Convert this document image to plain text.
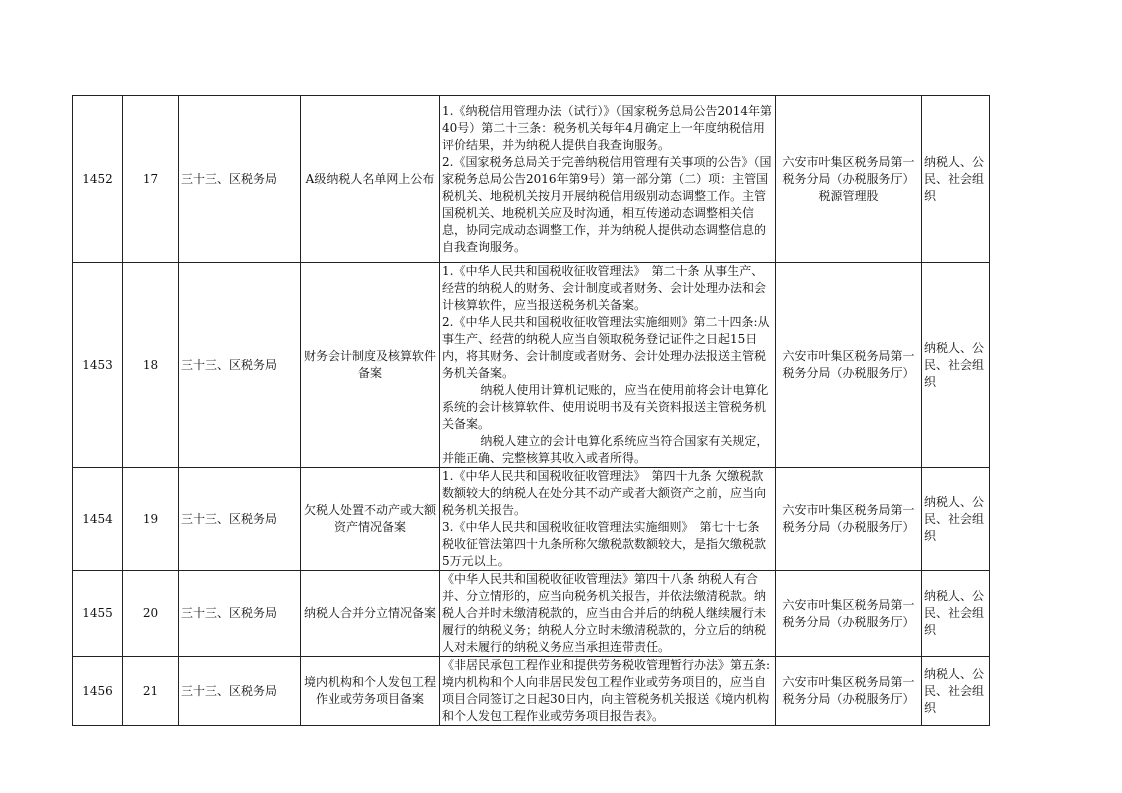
1452	17	三十三、区税务局	A级纳税人名单网上公布	1.《纳税信用管理办法（试行）》（国家税务总局公告2014年第40号）第二十三条：税务机关每年4月确定上一年度纳税信用评价结果，并为纳税人提供自我查询服务。
2.《国家税务总局关于完善纳税信用管理有关事项的公告》（国家税务总局公告2016年第9号）第一部分第（二）项：主管国税机关、地税机关按月开展纳税信用级别动态调整工作。主管国税机关、地税机关应及时沟通，相互传递动态调整相关信息，协同完成动态调整工作，并为纳税人提供动态调整信息的自我查询服务。	六安市叶集区税务局第一税务分局（办税服务厅）税源管理股	纳税人、公民、社会组织
1453	18	三十三、区税务局	财务会计制度及核算软件备案	1.《中华人民共和国税收征收管理法》　第二十条 从事生产、经营的纳税人的财务、会计制度或者财务、会计处理办法和会计核算软件，应当报送税务机关备案。
2.《中华人民共和国税收征收管理法实施细则》第二十四条:从事生产、经营的纳税人应当自领取税务登记证件之日起15日内，将其财务、会计制度或者财务、会计处理办法报送主管税务机关备案。
纳税人使用计算机记账的，应当在使用前将会计电算化系统的会计核算软件、使用说明书及有关资料报送主管税务机关备案。
纳税人建立的会计电算化系统应当符合国家有关规定，并能正确、完整核算其收入或者所得。	六安市叶集区税务局第一税务分局（办税服务厅）	纳税人、公民、社会组织
1454	19	三十三、区税务局	欠税人处置不动产或大额资产情况备案	1.《中华人民共和国税收征收管理法》　第四十九条 欠缴税款数额较大的纳税人在处分其不动产或者大额资产之前，应当向税务机关报告。
3.《中华人民共和国税收征收管理法实施细则》　第七十七条 税收征管法第四十九条所称欠缴税款数额较大，是指欠缴税款5万元以上。	六安市叶集区税务局第一税务分局（办税服务厅）	纳税人、公民、社会组织
1455	20	三十三、区税务局	纳税人合并分立情况备案	《中华人民共和国税收征收管理法》第四十八条 纳税人有合并、分立情形的，应当向税务机关报告，并依法缴清税款。纳税人合并时未缴清税款的，应当由合并后的纳税人继续履行未履行的纳税义务；纳税人分立时未缴清税款的，分立后的纳税人对未履行的纳税义务应当承担连带责任。	六安市叶集区税务局第一税务分局（办税服务厅）	纳税人、公民、社会组织
1456	21	三十三、区税务局	境内机构和个人发包工程作业或劳务项目备案	《非居民承包工程作业和提供劳务税收管理暂行办法》第五条:境内机构和个人向非居民发包工程作业或劳务项目的，应当自项目合同签订之日起30日内，向主管税务机关报送《境内机构和个人发包工程作业或劳务项目报告表》。	六安市叶集区税务局第一税务分局（办税服务厅）	纳税人、公民、社会组织
